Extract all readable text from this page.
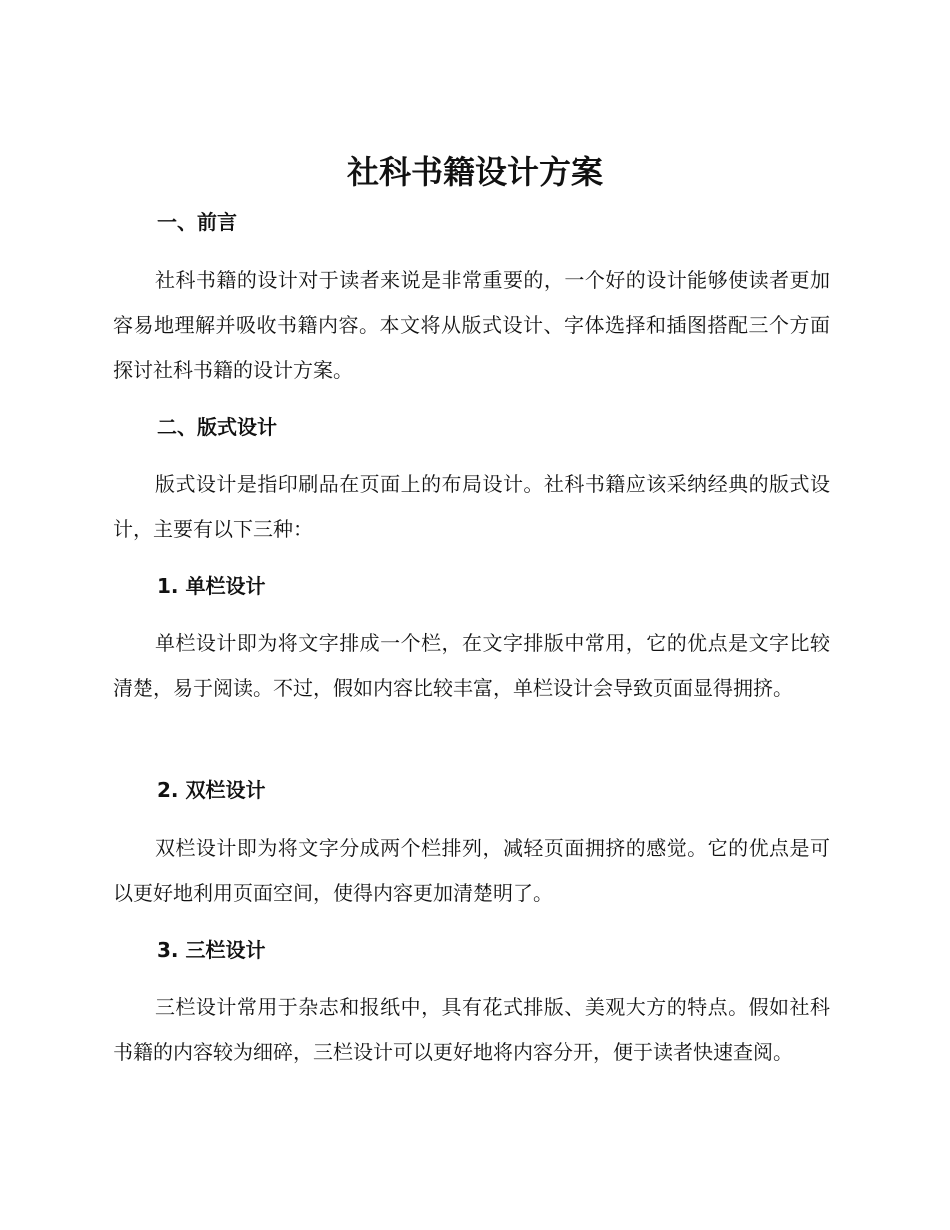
社科书籍设计方案
一、前言

社科书籍的设计对于读者来说是非常重要的，一个好的设计能够使读者更加容易地理解并吸收书籍内容。本文将从版式设计、字体选择和插图搭配三个方面探讨社科书籍的设计方案。

二、版式设计

版式设计是指印刷品在页面上的布局设计。社科书籍应该采纳经典的版式设计，主要有以下三种：

1. 单栏设计

单栏设计即为将文字排成一个栏，在文字排版中常用，它的优点是文字比较清楚，易于阅读。不过，假如内容比较丰富，单栏设计会导致页面显得拥挤。

2. 双栏设计

双栏设计即为将文字分成两个栏排列，减轻页面拥挤的感觉。它的优点是可以更好地利用页面空间，使得内容更加清楚明了。

3. 三栏设计

三栏设计常用于杂志和报纸中，具有花式排版、美观大方的特点。假如社科书籍的内容较为细碎，三栏设计可以更好地将内容分开，便于读者快速查阅。
